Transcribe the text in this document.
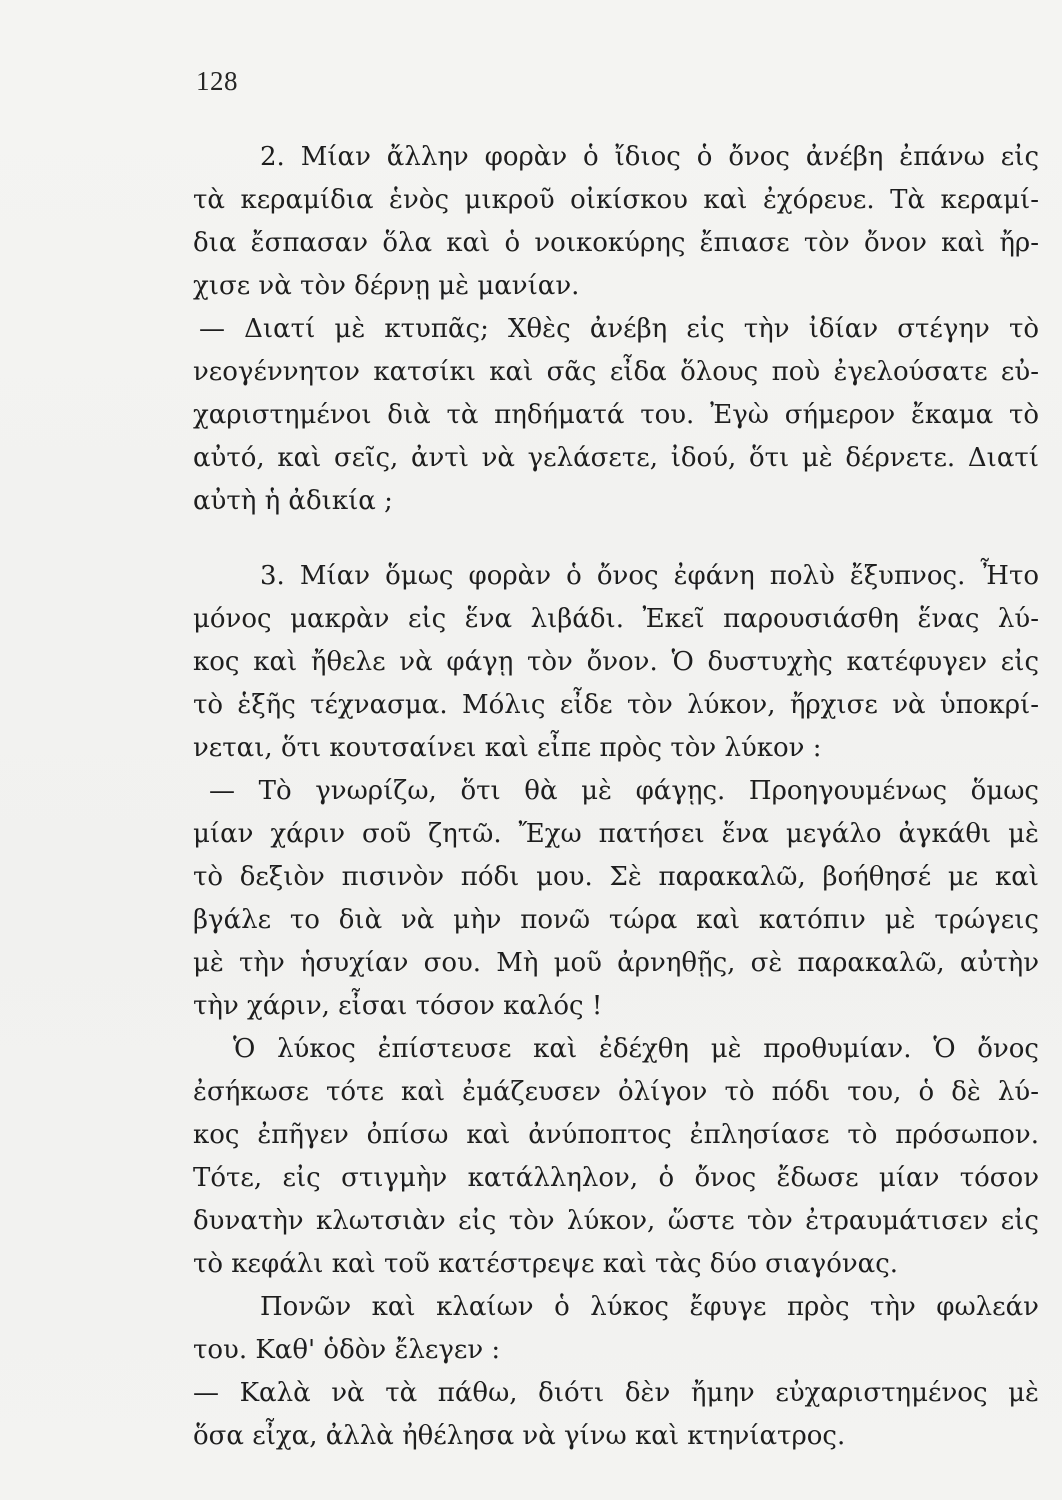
128
2. Μίαν ἄλλην φορὰν ὁ ἴδιος ὁ ὄνος ἀνέβη ἐπάνω εἰς
τὰ κεραμίδια ἑνὸς μικροῦ οἰκίσκου καὶ ἐχόρευε. Τὰ κεραμί-
δια ἔσπασαν ὅλα καὶ ὁ νοικοκύρης ἔπιασε τὸν ὄνον καὶ ἤρ-
χισε νὰ τὸν δέρνῃ μὲ μανίαν.
— Διατί μὲ κτυπᾶς; Χθὲς ἀνέβη εἰς τὴν ἰδίαν στέγην τὸ
νεογέννητον κατσίκι καὶ σᾶς εἶδα ὅλους ποὺ ἐγελούσατε εὐ-
χαριστημένοι διὰ τὰ πηδήματά του. Ἐγὼ σήμερον ἔκαμα τὸ
αὐτό, καὶ σεῖς, ἀντὶ νὰ γελάσετε, ἰδού, ὅτι μὲ δέρνετε. Διατί
αὐτὴ ἡ ἀδικία ;
3. Μίαν ὅμως φορὰν ὁ ὄνος ἐφάνη πολὺ ἔξυπνος. Ἦτο
μόνος μακρὰν εἰς ἕνα λιβάδι. Ἐκεῖ παρουσιάσθη ἕνας λύ-
κος καὶ ἤθελε νὰ φάγῃ τὸν ὄνον. Ὁ δυστυχὴς κατέφυγεν εἰς
τὸ ἑξῆς τέχνασμα. Μόλις εἶδε τὸν λύκον, ἤρχισε νὰ ὑποκρί-
νεται, ὅτι κουτσαίνει καὶ εἶπε πρὸς τὸν λύκον :
— Τὸ γνωρίζω, ὅτι θὰ μὲ φάγῃς. Προηγουμένως ὅμως
μίαν χάριν σοῦ ζητῶ. Ἔχω πατήσει ἕνα μεγάλο ἀγκάθι μὲ
τὸ δεξιὸν πισινὸν πόδι μου. Σὲ παρακαλῶ, βοήθησέ με καὶ
βγάλε το διὰ νὰ μὴν πονῶ τώρα καὶ κατόπιν μὲ τρώγεις
μὲ τὴν ἡσυχίαν σου. Μὴ μοῦ ἀρνηθῇς, σὲ παρακαλῶ, αὐτὴν
τὴν χάριν, εἶσαι τόσον καλός !
Ὁ λύκος ἐπίστευσε καὶ ἐδέχθη μὲ προθυμίαν. Ὁ ὄνος
ἐσήκωσε τότε καὶ ἐμάζευσεν ὀλίγον τὸ πόδι του, ὁ δὲ λύ-
κος ἐπῆγεν ὀπίσω καὶ ἀνύποπτος ἐπλησίασε τὸ πρόσωπον.
Τότε, εἰς στιγμὴν κατάλληλον, ὁ ὄνος ἔδωσε μίαν τόσον
δυνατὴν κλωτσιὰν εἰς τὸν λύκον, ὥστε τὸν ἐτραυμάτισεν εἰς
τὸ κεφάλι καὶ τοῦ κατέστρεψε καὶ τὰς δύο σιαγόνας.
Πονῶν καὶ κλαίων ὁ λύκος ἔφυγε πρὸς τὴν φωλεάν
του. Καθ' ὁδὸν ἔλεγεν :
— Καλὰ νὰ τὰ πάθω, διότι δὲν ἤμην εὐχαριστημένος μὲ
ὅσα εἶχα, ἀλλὰ ἠθέλησα νὰ γίνω καὶ κτηνίατρος.
